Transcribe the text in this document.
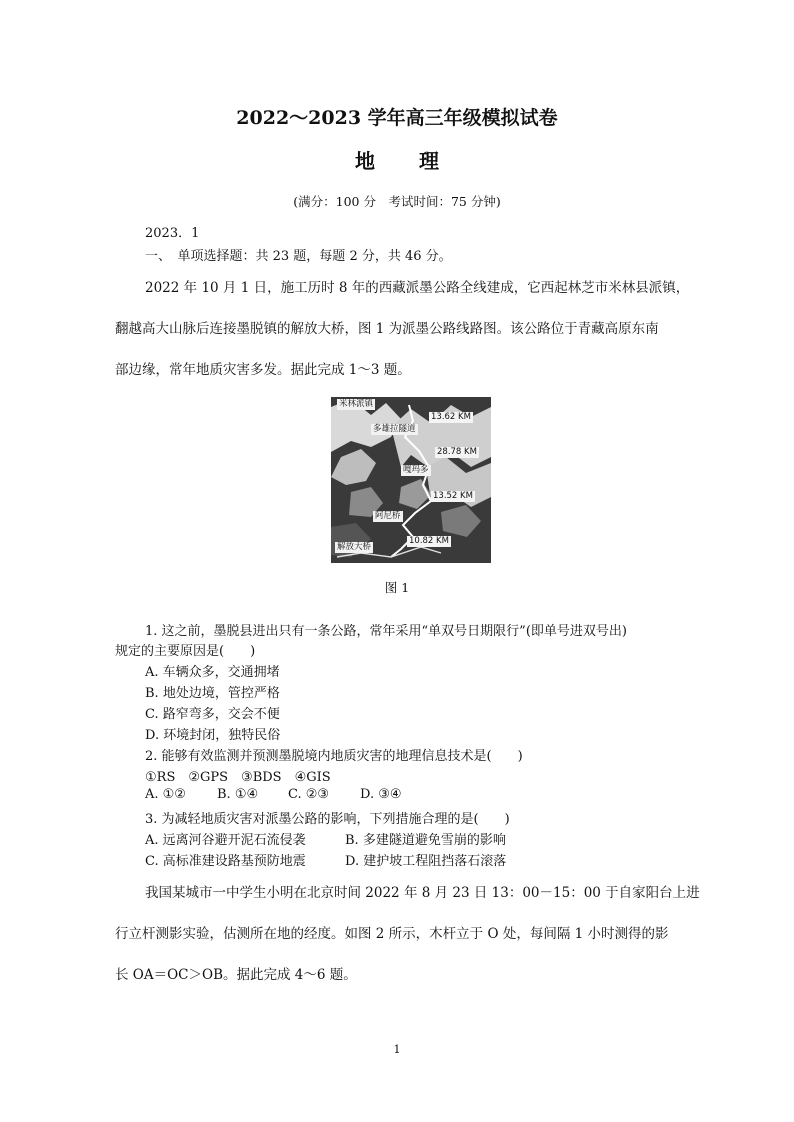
2022～2023 学年高三年级模拟试卷
地理
(满分：100 分　考试时间：75 分钟)
2023．1
一、　单项选择题：共 23 题，每题 2 分，共 46 分。
2022 年 10 月 1 日，施工历时 8 年的西藏派墨公路全线建成，它西起林芝市米林县派镇，
翻越高大山脉后连接墨脱镇的解放大桥，图 1 为派墨公路线路图。该公路位于青藏高原东南
部边缘，常年地质灾害多发。据此完成 1～3 题。
米林派镇
多雄拉隧道
嘎玛多
阿尼桥
解放大桥
13.62 KM
28.78 KM
13.52 KM
10.82 KM
图 1
1. 这之前，墨脱县进出只有一条公路，常年采用“单双号日期限行”(即单号进双号出)
规定的主要原因是(　　)
A. 车辆众多，交通拥堵
B. 地处边境，管控严格
C. 路窄弯多，交会不便
D. 环境封闭，独特民俗
2. 能够有效监测并预测墨脱境内地质灾害的地理信息技术是(　　)
①RS　②GPS　③BDS　④GIS
A. ①② B. ①④ C. ②③ D. ③④
3. 为减轻地质灾害对派墨公路的影响，下列措施合理的是(　　)
A. 远离河谷避开泥石流侵袭	B. 多建隧道避免雪崩的影响
C. 高标准建设路基预防地震	D. 建护坡工程阻挡落石滚落
我国某城市一中学生小明在北京时间 2022 年 8 月 23 日 13：00－15：00 于自家阳台上进
行立杆测影实验，估测所在地的经度。如图 2 所示，木杆立于 O 处，每间隔 1 小时测得的影
长 OA＝OC＞OB。据此完成 4～6 题。
1
